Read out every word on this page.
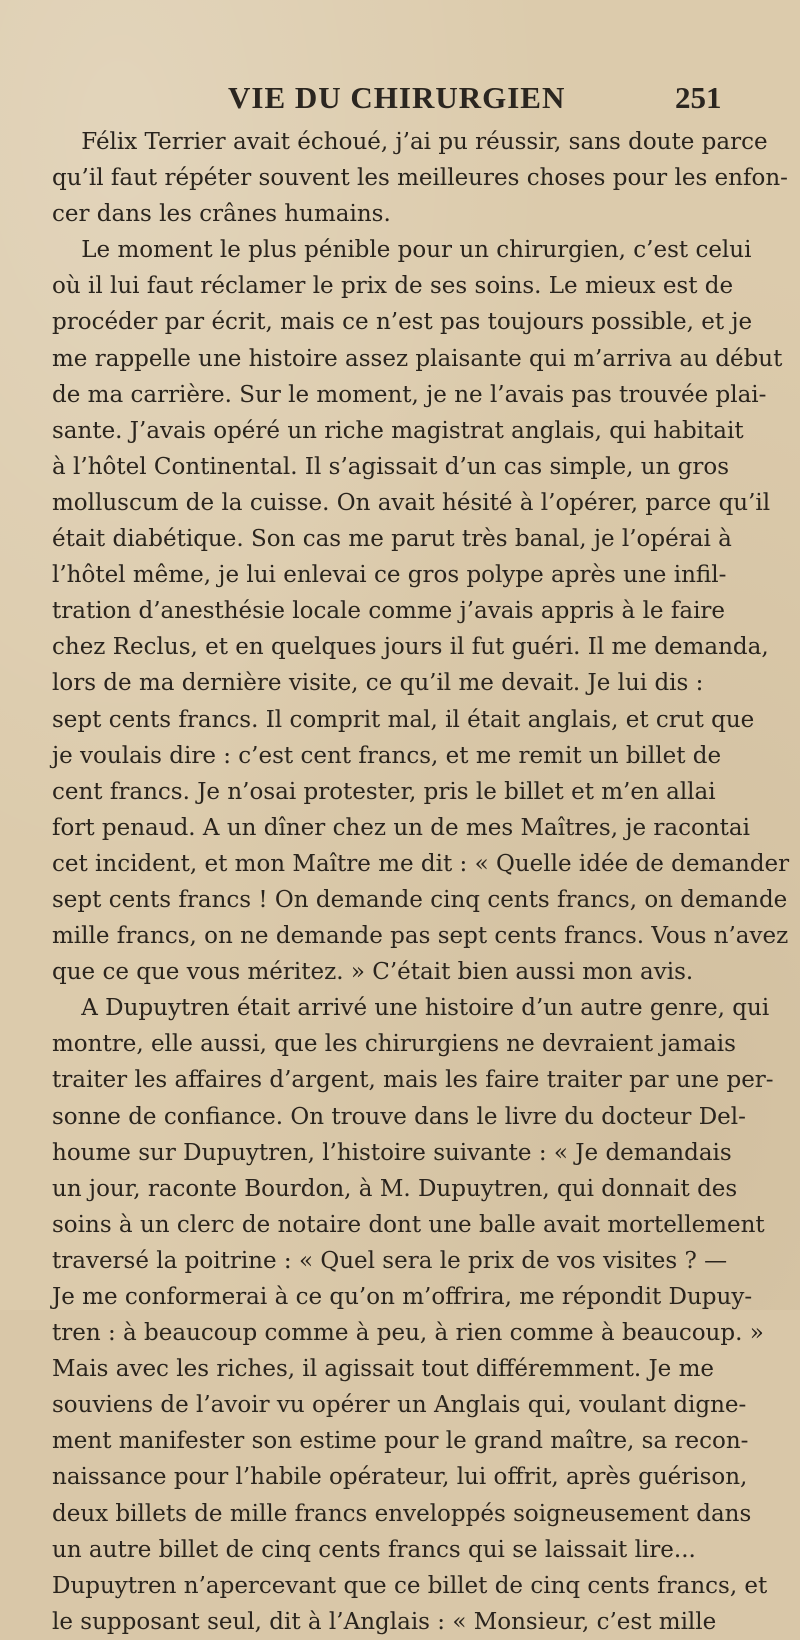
VIE DU CHIRURGIEN	251
Félix Terrier avait échoué, j’ai pu réussir, sans doute parce
qu’il faut répéter souvent les meilleures choses pour les enfon-
cer dans les crânes humains.
Le moment le plus pénible pour un chirurgien, c’est celui
où il lui faut réclamer le prix de ses soins. Le mieux est de
procéder par écrit, mais ce n’est pas toujours possible, et je
me rappelle une histoire assez plaisante qui m’arriva au début
de ma carrière. Sur le moment, je ne l’avais pas trouvée plai-
sante. J’avais opéré un riche magistrat anglais, qui habitait
à l’hôtel Continental. Il s’agissait d’un cas simple, un gros
molluscum de la cuisse. On avait hésité à l’opérer, parce qu’il
était diabétique. Son cas me parut très banal, je l’opérai à
l’hôtel même, je lui enlevai ce gros polype après une infil-
tration d’anesthésie locale comme j’avais appris à le faire
chez Reclus, et en quelques jours il fut guéri. Il me demanda,
lors de ma dernière visite, ce qu’il me devait. Je lui dis :
sept cents francs. Il comprit mal, il était anglais, et crut que
je voulais dire : c’est cent francs, et me remit un billet de
cent francs. Je n’osai protester, pris le billet et m’en allai
fort penaud. A un dîner chez un de mes Maîtres, je racontai
cet incident, et mon Maître me dit : « Quelle idée de demander
sept cents francs ! On demande cinq cents francs, on demande
mille francs, on ne demande pas sept cents francs. Vous n’avez
que ce que vous méritez. » C’était bien aussi mon avis.
A Dupuytren était arrivé une histoire d’un autre genre, qui
montre, elle aussi, que les chirurgiens ne devraient jamais
traiter les affaires d’argent, mais les faire traiter par une per-
sonne de confiance. On trouve dans le livre du docteur Del-
houme sur Dupuytren, l’histoire suivante : « Je demandais
un jour, raconte Bourdon, à M. Dupuytren, qui donnait des
soins à un clerc de notaire dont une balle avait mortellement
traversé la poitrine : « Quel sera le prix de vos visites ? —
Je me conformerai à ce qu’on m’offrira, me répondit Dupuy-
tren : à beaucoup comme à peu, à rien comme à beaucoup. »
Mais avec les riches, il agissait tout différemment. Je me
souviens de l’avoir vu opérer un Anglais qui, voulant digne-
ment manifester son estime pour le grand maître, sa recon-
naissance pour l’habile opérateur, lui offrit, après guérison,
deux billets de mille francs enveloppés soigneusement dans
un autre billet de cinq cents francs qui se laissait lire...
Dupuytren n’apercevant que ce billet de cinq cents francs, et
le supposant seul, dit à l’Anglais : « Monsieur, c’est mille
